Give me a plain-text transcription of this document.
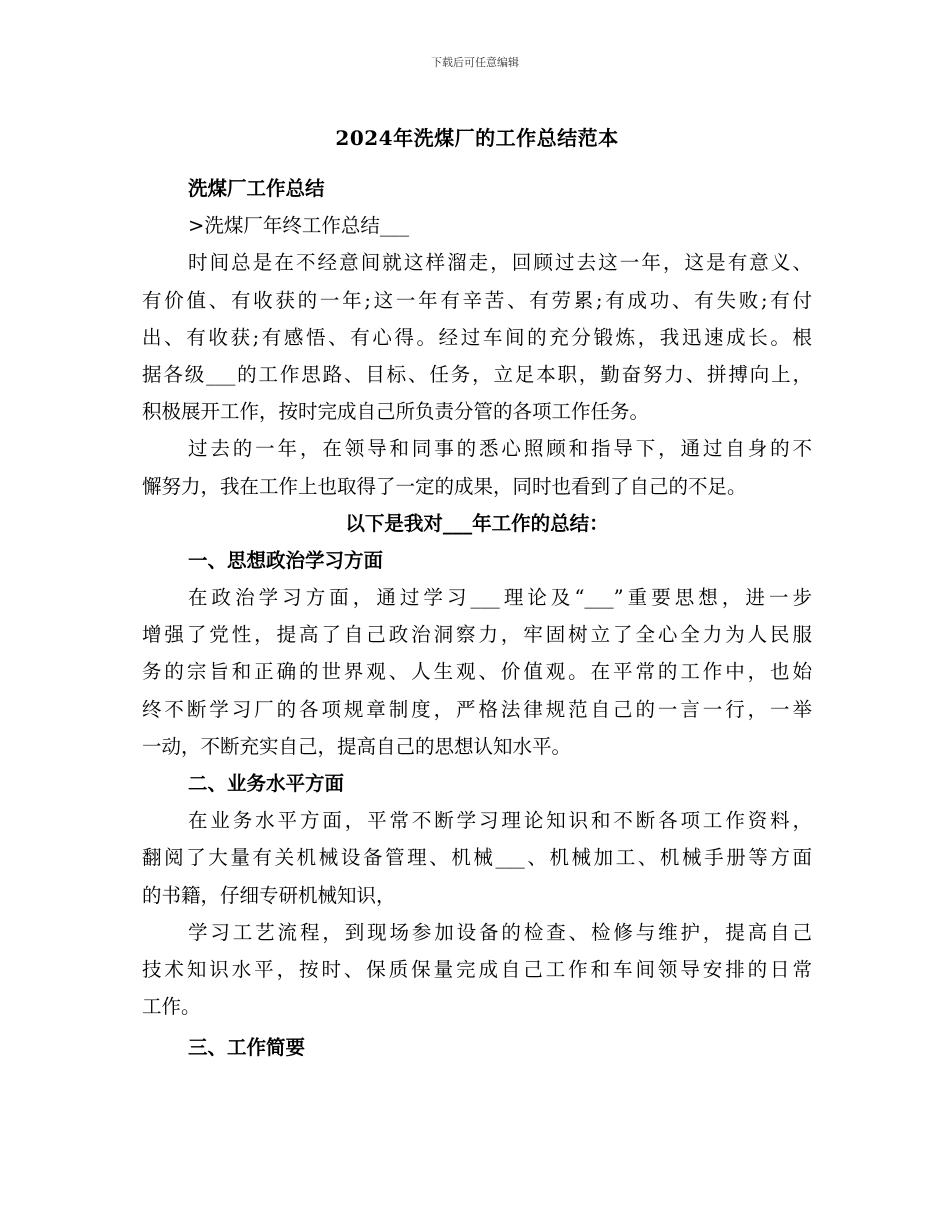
下载后可任意编辑
2024年洗煤厂的工作总结范本
洗煤厂工作总结
>洗煤厂年终工作总结___
时间总是在不经意间就这样溜走，回顾过去这一年，这是有意义、
有价值、有收获的一年;这一年有辛苦、有劳累;有成功、有失败;有付
出、有收获;有感悟、有心得。经过车间的充分锻炼，我迅速成长。根
据各级___的工作思路、目标、任务，立足本职，勤奋努力、拼搏向上，
积极展开工作，按时完成自己所负责分管的各项工作任务。
过去的一年，在领导和同事的悉心照顾和指导下，通过自身的不
懈努力，我在工作上也取得了一定的成果，同时也看到了自己的不足。
以下是我对___年工作的总结：
一、思想政治学习方面
在政治学习方面，通过学习___理论及“___”重要思想，进一步
增强了党性，提高了自己政治洞察力，牢固树立了全心全力为人民服
务的宗旨和正确的世界观、人生观、价值观。在平常的工作中，也始
终不断学习厂的各项规章制度，严格法律规范自己的一言一行，一举
一动，不断充实自己，提高自己的思想认知水平。
二、业务水平方面
在业务水平方面，平常不断学习理论知识和不断各项工作资料，
翻阅了大量有关机械设备管理、机械___、机械加工、机械手册等方面
的书籍，仔细专研机械知识，
学习工艺流程，到现场参加设备的检查、检修与维护，提高自己
技术知识水平，按时、保质保量完成自己工作和车间领导安排的日常
工作。
三、工作简要
